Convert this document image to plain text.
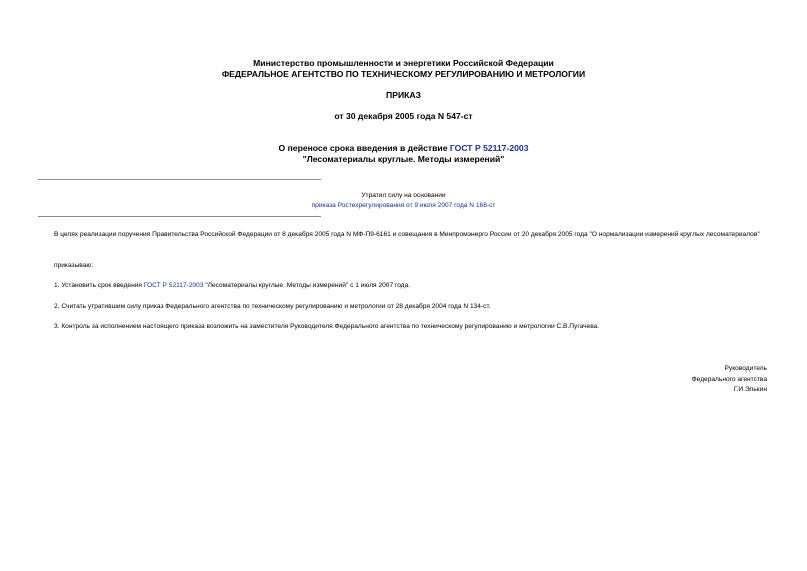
Министерство промышленности и энергетики Российской Федерации
ФЕДЕРАЛЬНОЕ АГЕНТСТВО ПО ТЕХНИЧЕСКОМУ РЕГУЛИРОВАНИЮ И МЕТРОЛОГИИ
ПРИКАЗ
от 30 декабря 2005 года N 547-ст
О переносе срока введения в действие ГОСТ Р 52117-2003
"Лесоматериалы круглые. Методы измерений"
Утратил силу на основании
приказа Ростехрегулирования от 9 июля 2007 года N 168-ст

В целях реализации поручения Правительства Российской Федерации от 8 декабря 2005 года N МФ-П9-6161 и совещания в Минпромэнерго России от 20 декабря 2005 года "О нормализации измерений круглых лесоматериалов"

приказываю:

1. Установить срок введения ГОСТ Р 52117-2003 "Лесоматериалы круглые. Методы измерений" с 1 июля 2007 года.

2. Считать утратившим силу приказ Федерального агентства по техническому регулированию и метрологии от 28 декабря 2004 года N 134-ст.

3. Контроль за исполнением настоящего приказа возложить на заместителя Руководителя Федерального агентства по техническому регулированию и метрологии С.В.Пугачева.

Руководитель
Федерального агентства
Г.И.Элькин
